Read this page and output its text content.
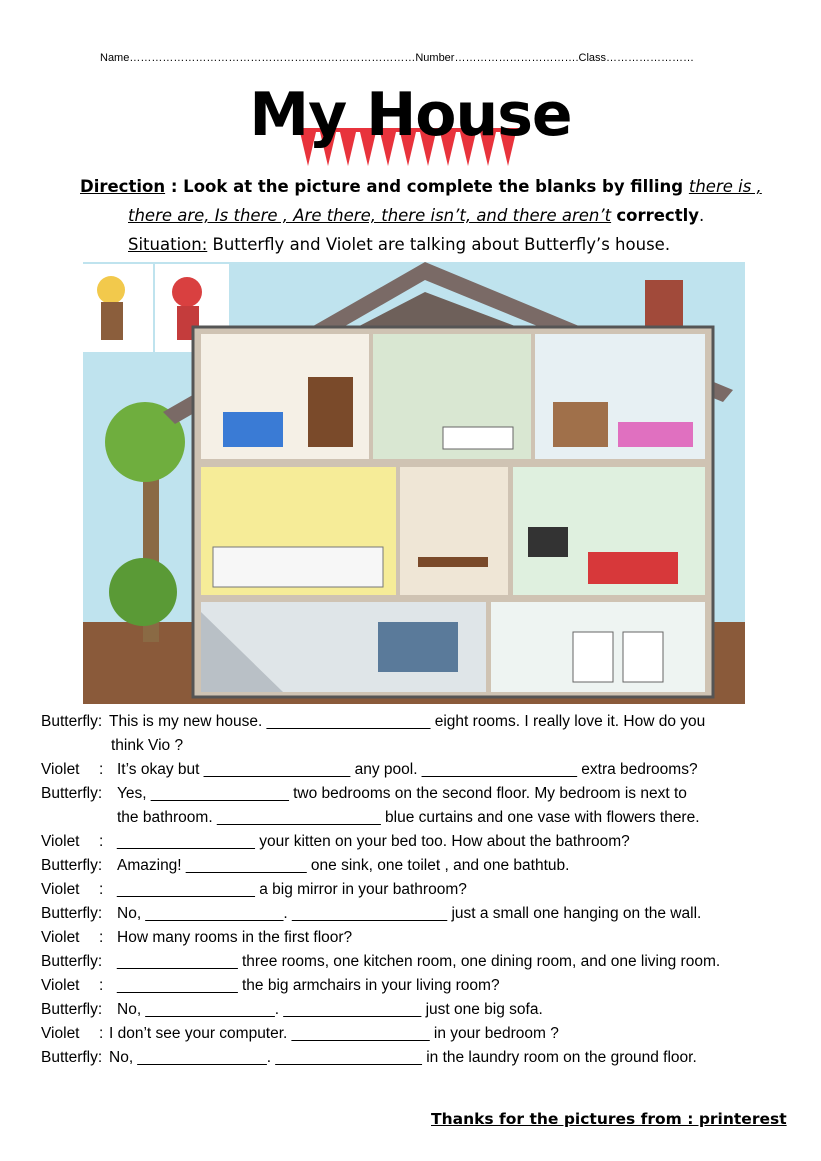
Name……………………………………………………………………Number…………………………….Class……………………
My House
Direction : Look at the picture and complete the blanks by filling there is ,
there are, Is there , Are there, there isn’t, and there aren’t correctly.
Situation: Butterfly and Violet are talking about Butterfly’s house.
Butterfly: This is my new house. ___________________ eight rooms. I really love it. How do you
think Vio ?
Violet : It’s okay but _________________ any pool. __________________ extra bedrooms?
Butterfly: Yes, ________________ two bedrooms on the second floor. My bedroom is next to
the bathroom. ___________________ blue curtains and one vase with flowers there.
Violet : ________________ your kitten on your bed too. How about the bathroom?
Butterfly: Amazing! ______________ one sink, one toilet , and one bathtub.
Violet : ________________ a big mirror in your bathroom?
Butterfly: No, ________________. __________________ just a small one hanging on the wall.
Violet : How many rooms in the first floor?
Butterfly: ______________ three rooms, one kitchen room, one dining room, and one living room.
Violet : ______________ the big armchairs in your living room?
Butterfly: No, _______________. ________________ just one big sofa.
Violet : I don’t see your computer. ________________ in your bedroom ?
Butterfly: No, _______________. _________________ in the laundry room on the ground floor.
Thanks for the pictures from : printerest
